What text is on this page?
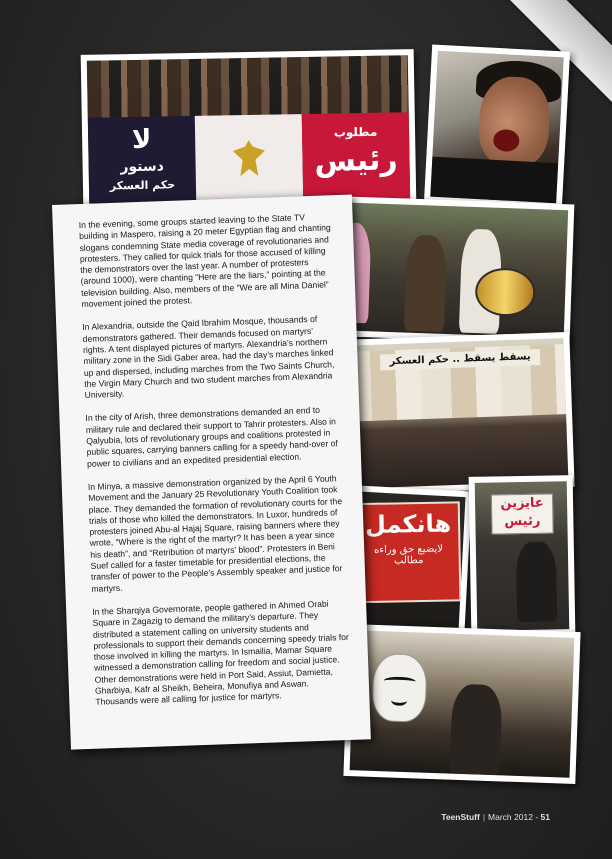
لا
دستور
حكم العسكر
مطلوب
رئيس
يسقط يسقط .. حكم العسكر
هانكمل
لايضيع حق وراءه مطالب
عايزين رئيس

In the evening, some groups started leaving to the State TV building in Maspero, raising a 20 meter Egyptian flag and chanting slogans condemning State media coverage of revolutionaries and protesters. They called for quick trials for those accused of killing the demonstrators over the last year. A number of protesters (around 1000), were chanting “Here are the liars,” pointing at the television building. Also, members of the “We are all Mina Daniel” movement joined the protest.

In Alexandria, outside the Qaid Ibrahim Mosque, thousands of demonstrators gathered. Their demands focused on martyrs’ rights. A tent displayed pictures of martyrs. Alexandria’s northern military zone in the Sidi Gaber area, had the day’s marches linked up and dispersed, including marches from the Two Saints Church, the Virgin Mary Church and two student marches from Alexandria University.

In the city of Arish, three demonstrations demanded an end to military rule and declared their support to Tahrir protesters. Also in Qalyubia, lots of revolutionary groups and coalitions protested in public squares, carrying banners calling for a speedy hand-over of power to civilians and an expedited presidential election.

In Minya, a massive demonstration organized by the April 6 Youth Movement and the January 25 Revolutionary Youth Coalition took place. They demanded the formation of revolutionary courts for the trials of those who killed the demonstrators. In Luxor, hundreds of protesters joined Abu-al Hajaj Square, raising banners where they wrote, “Where is the right of the martyr? It has been a year since his death”, and “Retribution of martyrs’ blood”. Protesters in Beni Suef called for a faster timetable for presidential elections, the transfer of power to the People’s Assembly speaker and justice for martyrs.

In the Sharqiya Governorate, people gathered in Ahmed Orabi Square in Zagazig to demand the military’s departure. They distributed a statement calling on university students and professionals to support their demands concerning speedy trials for those involved in killing the martyrs. In Ismailia, Mamar Square witnessed a demonstration calling for freedom and social justice. Other demonstrations were held in Port Said, Assiut, Damietta, Gharbiya, Kafr al Sheikh, Beheira, Monufiya and Aswan. Thousands were all calling for justice for martyrs.

TeenStuff | March 2012 - 51
